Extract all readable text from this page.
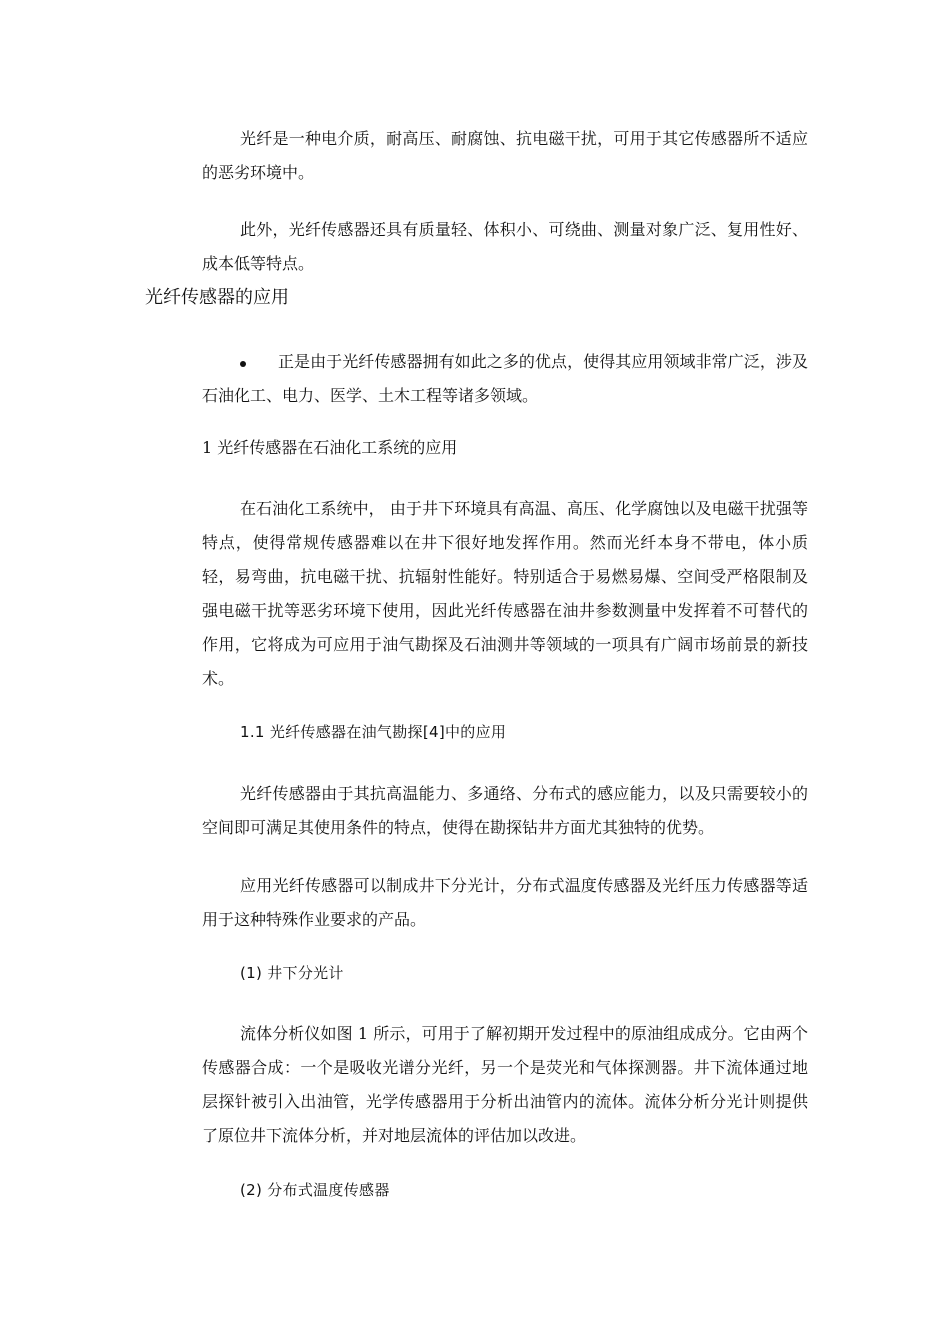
光纤是一种电介质，耐高压、耐腐蚀、抗电磁干扰，可用于其它传感器所不适应的恶劣环境中。

此外，光纤传感器还具有质量轻、体积小、可绕曲、测量对象广泛、复用性好、成本低等特点。

光纤传感器的应用

正是由于光纤传感器拥有如此之多的优点，使得其应用领域非常广泛，涉及石油化工、电力、医学、土木工程等诸多领域。

1 光纤传感器在石油化工系统的应用

在石油化工系统中， 由于井下环境具有高温、高压、化学腐蚀以及电磁干扰强等特点，使得常规传感器难以在井下很好地发挥作用。然而光纤本身不带电，体小质轻，易弯曲，抗电磁干扰、抗辐射性能好。特别适合于易燃易爆、空间受严格限制及强电磁干扰等恶劣环境下使用，因此光纤传感器在油井参数测量中发挥着不可替代的作用，它将成为可应用于油气勘探及石油测井等领域的一项具有广阔市场前景的新技术。

1.1 光纤传感器在油气勘探[4]中的应用

光纤传感器由于其抗高温能力、多通络、分布式的感应能力，以及只需要较小的空间即可满足其使用条件的特点，使得在勘探钻井方面尤其独特的优势。

应用光纤传感器可以制成井下分光计，分布式温度传感器及光纤压力传感器等适用于这种特殊作业要求的产品。

(1) 井下分光计

流体分析仪如图 1 所示，可用于了解初期开发过程中的原油组成成分。它由两个传感器合成：一个是吸收光谱分光纤，另一个是荧光和气体探测器。井下流体通过地层探针被引入出油管，光学传感器用于分析出油管内的流体。流体分析分光计则提供了原位井下流体分析，并对地层流体的评估加以改进。

(2) 分布式温度传感器
